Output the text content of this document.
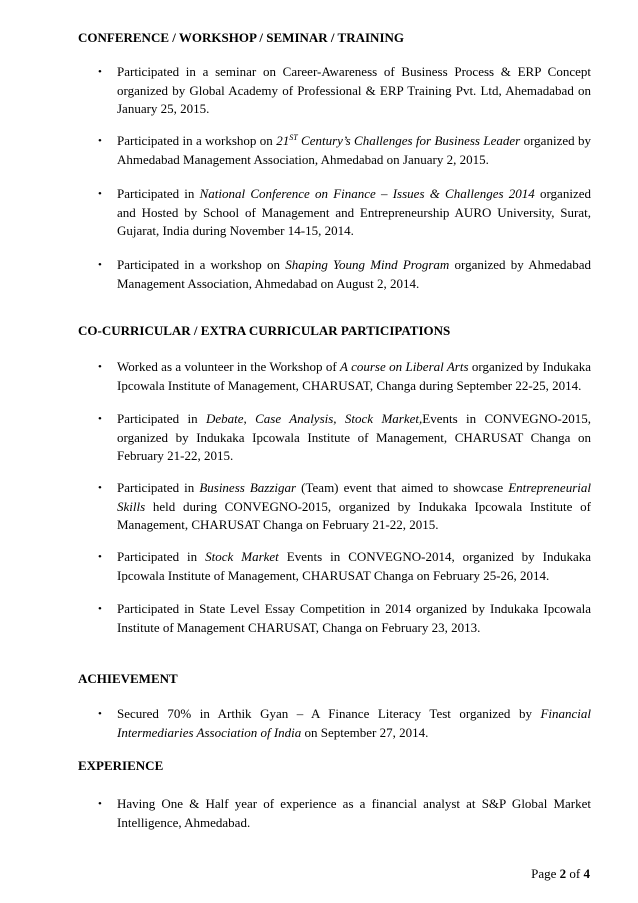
CONFERENCE / WORKSHOP / SEMINAR / TRAINING
•	Participated in a seminar on Career-Awareness of Business Process & ERP Concept organized by Global Academy of Professional & ERP Training Pvt. Ltd, Ahemadabad on January 25, 2015.
•	Participated in a workshop on 21ST Century’s Challenges for Business Leader organized by Ahmedabad Management Association, Ahmedabad on January 2, 2015.
•	Participated in National Conference on Finance – Issues & Challenges 2014 organized and Hosted by School of Management and Entrepreneurship AURO University, Surat, Gujarat, India during November 14-15, 2014.
•	Participated in a workshop on Shaping Young Mind Program organized by Ahmedabad Management Association, Ahmedabad on August 2, 2014.
CO-CURRICULAR / EXTRA CURRICULAR PARTICIPATIONS
•	Worked as a volunteer in the Workshop of A course on Liberal Arts organized by Indukaka Ipcowala Institute of Management, CHARUSAT, Changa during September 22-25, 2014.
•	Participated in Debate, Case Analysis, Stock Market,Events in CONVEGNO-2015, organized by Indukaka Ipcowala Institute of Management, CHARUSAT Changa on February 21-22, 2015.
•	Participated in Business Bazzigar (Team) event that aimed to showcase Entrepreneurial Skills held during CONVEGNO-2015, organized by Indukaka Ipcowala Institute of Management, CHARUSAT Changa on February 21-22, 2015.
•	Participated in Stock Market Events in CONVEGNO-2014, organized by Indukaka Ipcowala Institute of Management, CHARUSAT Changa on February 25-26, 2014.
•	Participated in State Level Essay Competition in 2014 organized by Indukaka Ipcowala Institute of Management CHARUSAT, Changa on February 23, 2013.
ACHIEVEMENT
•	Secured 70% in Arthik Gyan – A Finance Literacy Test organized by Financial Intermediaries Association of India on September 27, 2014.
EXPERIENCE
•	Having One & Half year of experience as a financial analyst at S&P Global Market Intelligence, Ahmedabad.
Page 2 of 4
